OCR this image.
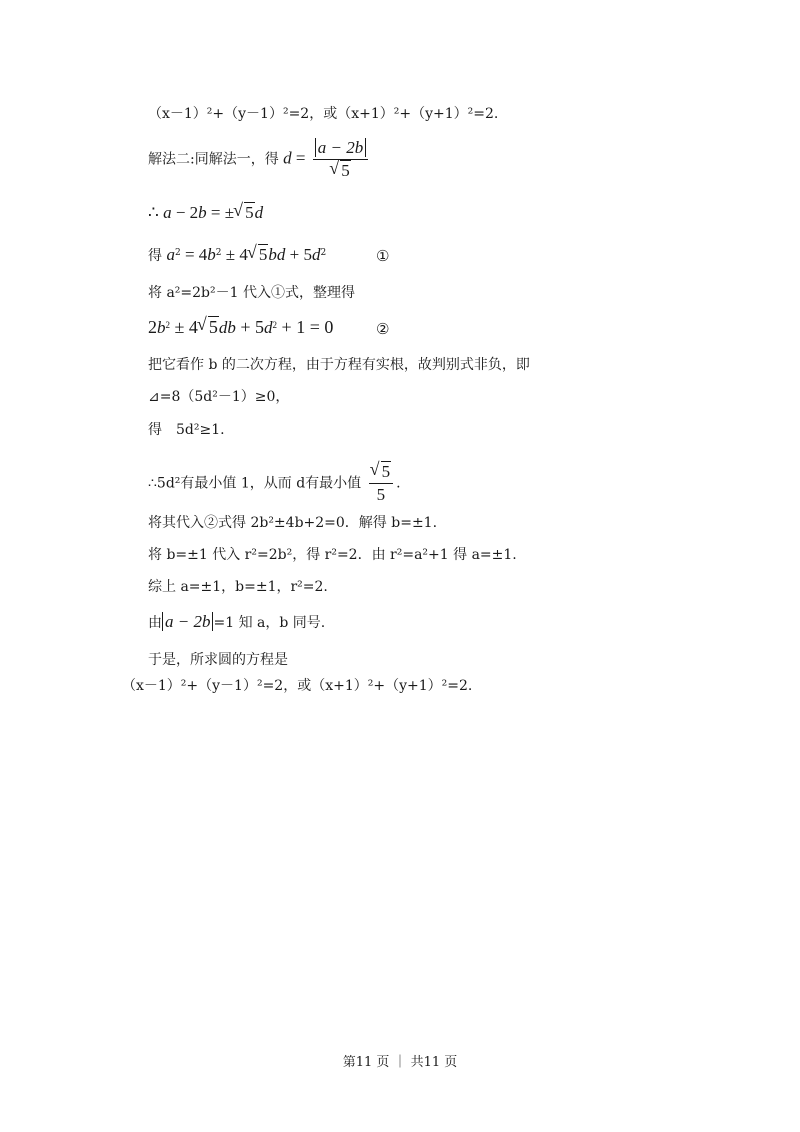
（x－1）²+（y－1）²=2，或（x+1）²+（y+1）²=2.
解法二:同解法一，得 d = a − 2b
√ 5
∴ a − 2b = ±√ 5d
得 $a^2 = 4b^2 \pm 4√$ $5bd + 5d^2$	①
将 a²=2b²－1 代入①式，整理得
$2b^2 \pm 4√$ $5db + 5d^2 + 1 = 0$	②
把它看作 b 的二次方程，由于方程有实根，故判别式非负，即
⊿=8（5d²－1）≥0，
得　5d²≥1.
∴5d²有最小值 1，从而 d有最小值
√ $\frac{5}{5}$ .
将其代入②式得 2b²±4b+2=0．解得 b=±1.
将 b=±1 代入 r²=2b²，得 r²=2．由 r²=a²+1 得 a=±1.
综上 a=±1，b=±1，r²=2.
由 a − 2b =1 知 a，b 同号.
于是，所求圆的方程是
（x－1）²+（y－1）²=2，或（x+1）²+（y+1）²=2.
第11 页 ｜ 共11 页
